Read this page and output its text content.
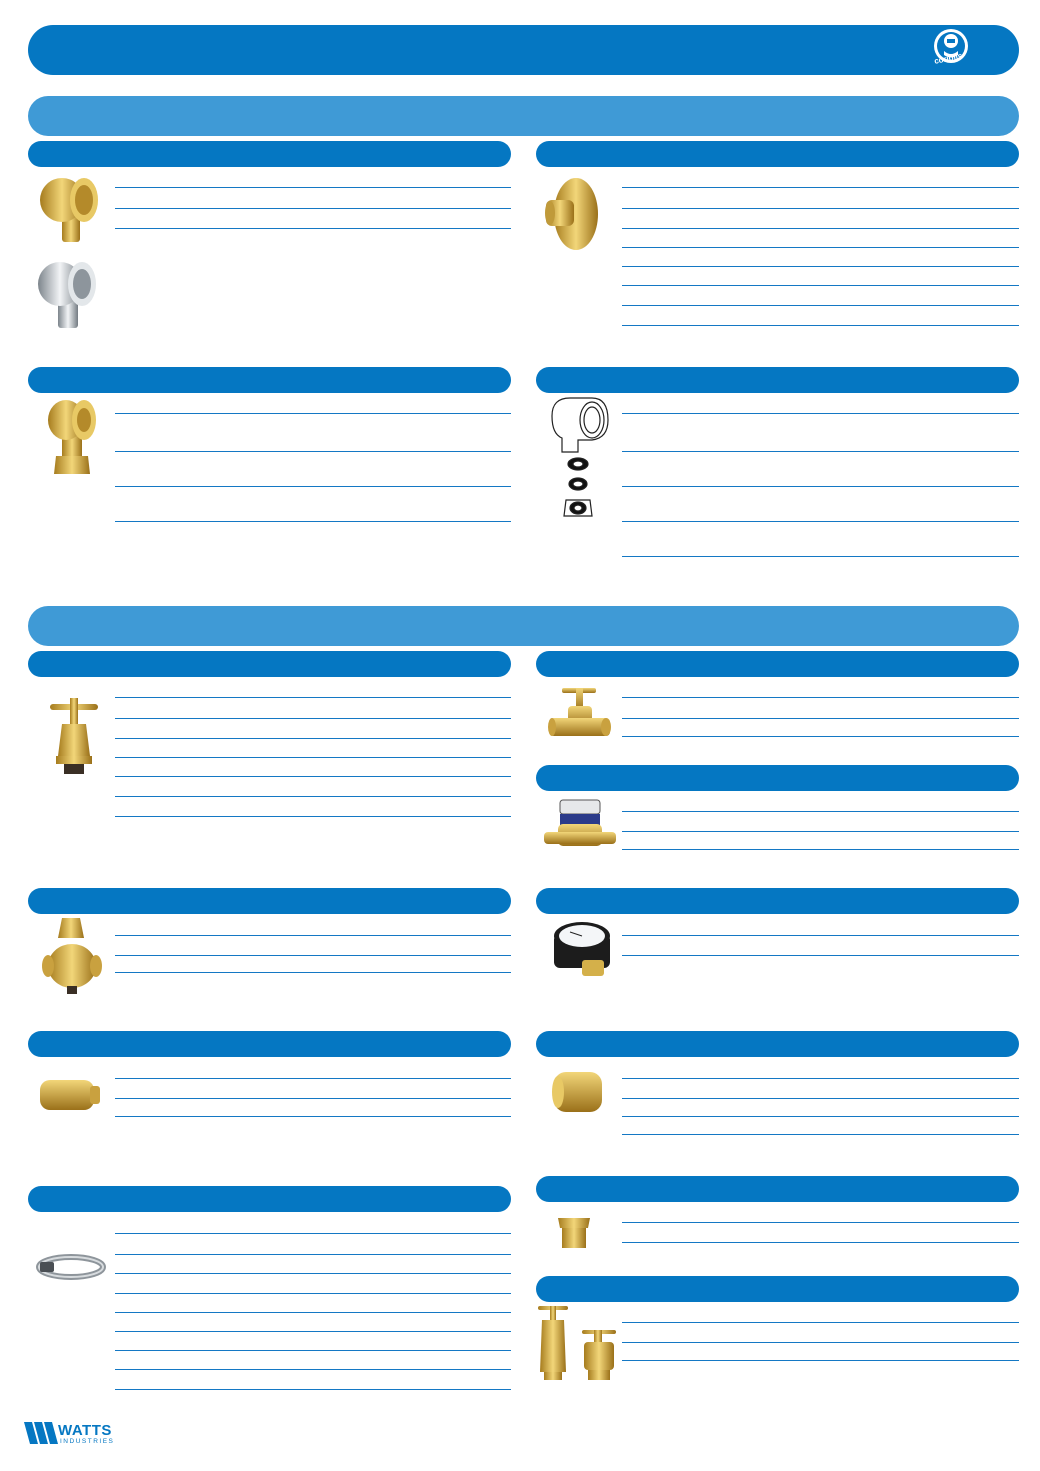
WATTS
INDUSTRIES
coriolis
